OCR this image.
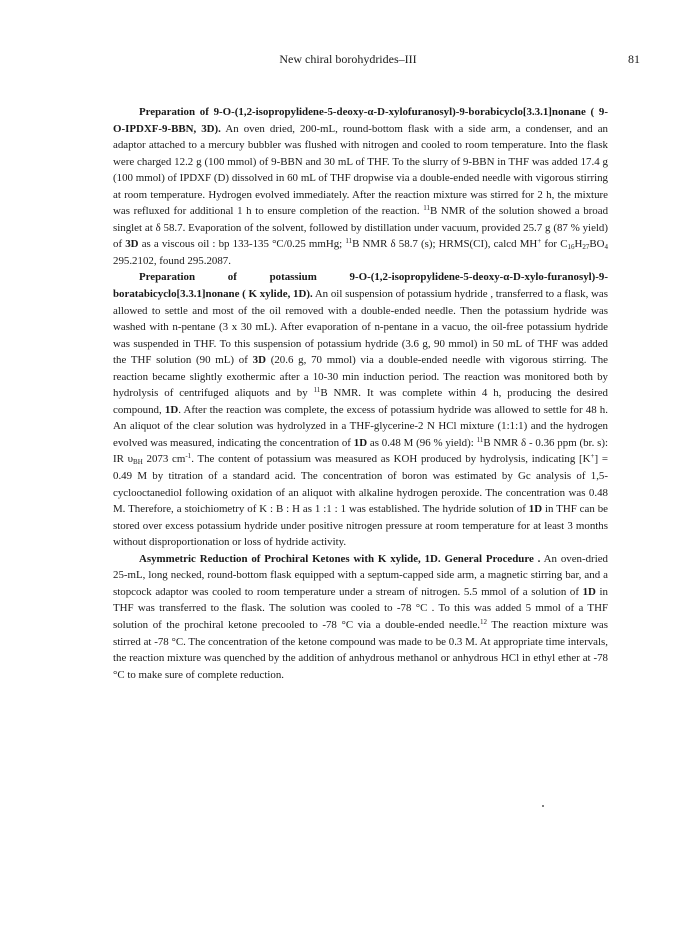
New chiral borohydrides–III	81

Preparation of 9-O-(1,2-isopropylidene-5-deoxy-α-D-xylofuranosyl)-9-borabicyclo[3.3.1]nonane ( 9-O-IPDXF-9-BBN, 3D). An oven dried, 200-mL, round-bottom flask with a side arm, a condenser, and an adaptor attached to a mercury bubbler was flushed with nitrogen and cooled to room temperature. Into the flask were charged 12.2 g (100 mmol) of 9-BBN and 30 mL of THF. To the slurry of 9-BBN in THF was added 17.4 g (100 mmol) of IPDXF (D) dissolved in 60 mL of THF dropwise via a double-ended needle with vigorous stirring at room temperature. Hydrogen evolved immediately. After the reaction mixture was stirred for 2 h, the mixture was refluxed for additional 1 h to ensure completion of the reaction. $^{11}$B NMR of the solution showed a broad singlet at δ 58.7. Evaporation of the solvent, followed by distillation under vacuum, provided 25.7 g (87 % yield) of 3D as a viscous oil : bp 133-135 °C/0.25 mmHg; $^{11}$B NMR δ 58.7 (s); HRMS(CI), calcd MH+ for $C_{16}H_{27}BO_4$ 295.2102, found 295.2087.

Preparation of potassium 9-O-(1,2-isopropylidene-5-deoxy-α-D-xylo-furanosyl)-9-boratabicyclo[3.3.1]nonane ( K xylide, 1D). An oil suspension of potassium hydride , transferred to a flask, was allowed to settle and most of the oil removed with a double-ended needle. Then the potassium hydride was washed with n-pentane (3 x 30 mL). After evaporation of n-pentane in a vacuo, the oil-free potassium hydride was suspended in THF. To this suspension of potassium hydride (3.6 g, 90 mmol) in 50 mL of THF was added the THF solution (90 mL) of 3D (20.6 g, 70 mmol) via a double-ended needle with vigorous stirring. The reaction became slightly exothermic after a 10-30 min induction period. The reaction was monitored both by hydrolysis of centrifuged aliquots and by $^{11}$B NMR. It was complete within 4 h, producing the desired compound, 1D. After the reaction was complete, the excess of potassium hydride was allowed to settle for 48 h. An aliquot of the clear solution was hydrolyzed in a THF-glycerine-2 N HCl mixture (1:1:1) and the hydrogen evolved was measured, indicating the concentration of 1D as 0.48 M (96 % yield): $^{11}$B NMR δ - 0.36 ppm (br. s): IR $\upsilon_{BH}$ 2073 $cm^{-1}$. The content of potassium was measured as KOH produced by hydrolysis, indicating [K+] = 0.49 M by titration of a standard acid. The concentration of boron was estimated by Gc analysis of 1,5-cyclooctanediol following oxidation of an aliquot with alkaline hydrogen peroxide. The concentration was 0.48 M. Therefore, a stoichiometry of K : B : H as 1 :1 : 1 was established. The hydride solution of 1D in THF can be stored over excess potassium hydride under positive nitrogen pressure at room temperature for at least 3 months without disproportionation or loss of hydride activity.

Asymmetric Reduction of Prochiral Ketones with K xylide, 1D. General Procedure . An oven-dried 25-mL, long necked, round-bottom flask equipped with a septum-capped side arm, a magnetic stirring bar, and a stopcock adaptor was cooled to room temperature under a stream of nitrogen. 5.5 mmol of a solution of 1D in THF was transferred to the flask. The solution was cooled to -78 °C . To this was added 5 mmol of a THF solution of the prochiral ketone precooled to -78 °C via a double-ended needle.$^{12}$ The reaction mixture was stirred at -78 °C. The concentration of the ketone compound was made to be 0.3 M. At appropriate time intervals, the reaction mixture was quenched by the addition of anhydrous methanol or anhydrous HCl in ethyl ether at -78 °C to make sure of complete reduction.
